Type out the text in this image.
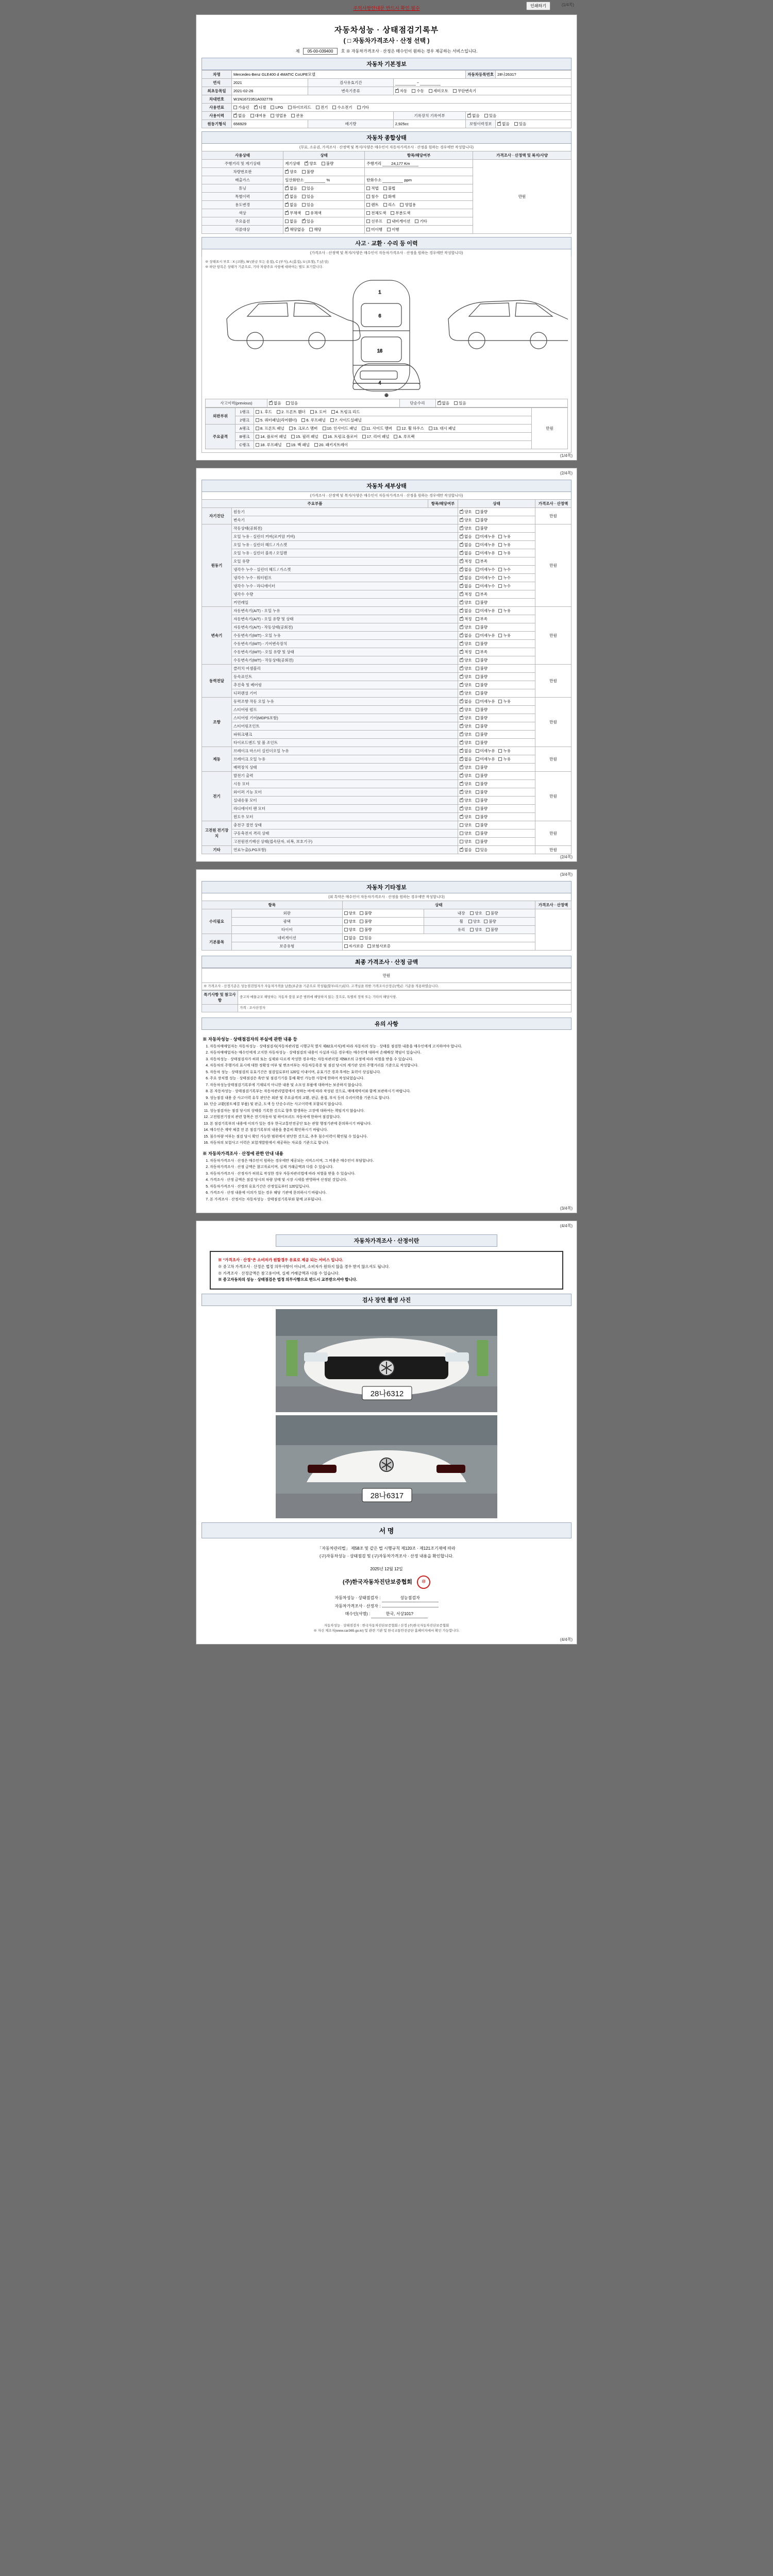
주의사항안내문 반드시 확인 필수	인쇄하기	(1/4쪽)
자동차성능 · 상태점검기록부
( □ 자동차가격조사 · 산정 선택 )
제 05-00-039400 호 ※ 자동차가격조사 · 산정은 매수인이 원하는 경우 제공하는 서비스입니다.
자동차 기본정보
차명	Mercedes-Benz GLE400 d 4MATIC CoUPE모델			자동차등록번호	28나2631?
연식	2021	검사유효기간	~		
최초등록일	2021-02-26	변속기종류	✓자동 수동 세미오토 무단변속기
차대번호	W1N1672351A032778				
사용연료	가솔린 ✓ 디젤 LPG 하이브리드 전기 수소전기 기타
사용이력	✓없음 대여용 영업용 관용		기록장치 기록여부	✓없음 있음
원동기형식	656929	배기량	2,925cc	보험이력정보	✓없음 있음
자동차 종합상태
(무료, 소유권, 가격조사 · 산정액 및 복지/사양은 매수인이 자동차가격조사 · 산정을 원하는 경우에만 작성합니다)
사용상태	상태	항목/해당여부	가격조사 · 산정액 및 복지/사양
주행거리 및 계기상태	계기상태 ✓ 양호 불량	주행거리 24,177 Km	만원

차량번호판	✓양호 불량	
배출가스	일산화탄소 %	탄화수소 ppm	
튜닝	✓없음 있음	적법 불법	
특별이력	✓없음 있음	침수 화재	
용도변경	✓없음 있음	렌트 리스 영업용	
색상	✓무채색 유채색	전체도색 부분도색	
주요옵션	없음 ✓ 있음	선루프 내비게이션 기타	
리콜대상	✓해당없음 해당	미이행 이행	
사고 · 교환 · 수리 등 이력
(가격조사 · 산정액 및 복지/사양은 매수인이 자동차가격조사 · 산정을 원하는 경우에만 작성합니다)
※ 상태표시 부호 : X (교환), W (판금 또는 용접), C (부식), A (흠집), U (요철), T (손상)
※ 하단 항목은 상태가 기준으로, 기타 차량주요 사항에 대하여는 별도 표기합니다.
1
6
16
4
④
사고이력(previous)	✓없음 있음	단순수리	✓없음 있음
외판부위	1랭크	1. 후드 2. 프론트 휀더 3. 도어 4. 트렁크 리드	만원
	2랭크	5. 쿼터패널(리어휀더) 6. 루프패널 7. 사이드실패널	
주요골격	A랭크	8. 프론트 패널 9. 크로스 멤버 10. 인사이드 패널 11. 사이드 멤버 12. 휠 하우스 13. 대시 패널	
	B랭크	14. 플로어 패널 15. 필러 패널 16. 트렁크 플로어 17. 리어 패널 A. 루프랙	
	C랭크	18. 루프패널 19. 백 패널 20. 패키지트레이	
(1/4쪽)
(2/4쪽)
자동차 세부상태
(가격조사 · 산정액 및 복지/사양은 매수인이 자동차가격조사 · 산정을 원하는 경우에만 작성합니다)
주요부품		항목/해당여부	상태	가격조사 · 산정액
자기진단	원동기	✓양호 불량	만원
	변속기	✓양호 불량
원동기	작동상태(공회전)	✓양호 불량	만원
	오일 누유 - 실린더 커버(로커암 커버)	✓없음 미세누유 누유
	오일 누유 - 실린더 헤드 / 가스켓	✓없음 미세누유 누유
	오일 누유 - 실린더 블록 / 오일팬	✓없음 미세누유 누유
	오일 유량	✓적정 부족
	냉각수 누수 - 실린더 헤드 / 가스켓	✓없음 미세누수 누수
	냉각수 누수 - 워터펌프	✓없음 미세누수 누수
	냉각수 누수 - 라디에이터	✓없음 미세누수 누수
	냉각수 수량	✓적정 부족
	커먼레일	✓양호 불량
변속기	자동변속기(A/T) - 오일 누유	✓없음 미세누유 누유	만원
	자동변속기(A/T) - 오일 유량 및 상태	✓적정 부족
	자동변속기(A/T) - 작동상태(공회전)	✓양호 불량
	수동변속기(M/T) - 오일 누유	✓없음 미세누유 누유
	수동변속기(M/T) - 기어변속장치	✓양호 불량
	수동변속기(M/T) - 오일 유량 및 상태	✓적정 부족
	수동변속기(M/T) - 작동상태(공회전)	✓양호 불량
동력전달	클러치 어셈블리	✓양호 불량	만원
	등속죠인트	✓양호 불량
	추진축 및 베어링	✓양호 불량
	디퍼렌셜 기어	✓양호 불량
조향	동력조향 작동 오일 누유	✓없음 미세누유 누유	만원
	스티어링 펌프	✓양호 불량
	스티어링 기어(MDPS포함)	✓양호 불량
	스티어링조인트	✓양호 불량
	파워크랭크	✓양호 불량
	타이로드엔드 및 볼 조인트	✓양호 불량
제동	브레이크 마스터 실린더오일 누유	✓없음 미세누유 누유	만원
	브레이크 오일 누유	✓없음 미세누유 누유
	배력장치 상태	✓양호 불량
전기	발전기 출력	✓양호 불량	만원
	시동 모터	✓양호 불량
	와이퍼 기능 모터	✓양호 불량
	실내송풍 모터	✓양호 불량
	라디에이터 팬 모터	✓양호 불량
	윈도우 모터	✓양호 불량
고전원 전기장치	충전구 절연 상태		양호 불량	만원
	구동축전지 격리 상태		양호 불량	
	고전원전기배선 상태(접속단자, 피복, 보호기구)		양호 불량	
기타	연료누출(LPG포함)	✓없음 있음	만원
(2/4쪽)
(3/4쪽)
자동차 기타정보
(외 특약은 매수인이 자동차가격조사 · 산정을 원하는 경우에만 작성합니다)
항목		상태		가격조사 · 산정액
수리필요	외판	양호 불량	내장 양호 불량	
	광택	양호 불량	휠 양호 불량	
	타이어	양호 불량	유리 양호 불량	
기본품목	네비게이션	없음 있음		
	보증유형	자가보증 보험사보증		
최종 가격조사 · 산정 금액
만원
※ 가격조사 · 산정기준은 성능점검업자가 자동차가격을 납품(표준을 기준으로 작성됨(할부/리스)된다. 고객님을 위한 가격조사산정금(액)은 기준을 적용하였습니다.
특기사항 및 참고사항	중고차 매물규모 해당하는 자동차 품질 보증 범위에 해당하지 않는 것으로, 특별히 장착 또는 기타의 해당사항.
	가격 · 조사산정자
유의 사항
※ 자동차성능 · 상태점검자의 부실에 관한 내용 등
1. 자동차매매업자는 자동차성능 · 상태점검자(자동차관리법 시행규칙 별지 제82호서식)에 따라 자동차의 성능 · 상태를 점검한 내용을 매수인에게 고지하여야 합니다.
2. 자동차매매업자는 매수인에게 고지한 자동차성능 · 상태점검의 내용이 사실과 다른 경우에는 매수인에 대하여 손해배상 책임이 있습니다.
3. 자동차성능 · 상태점검자가 허위 또는 실제와 다르게 작성한 경우에는 자동차관리법 제58조의 규정에 따라 처벌을 받을 수 있습니다.
4. 자동차의 주행거리 표시에 대한 정확성 여부 및 변조여부는 자동차등록증 및 점검 당시의 계기판 상의 주행거리를 기준으로 작성합니다.
5. 자동차 성능 · 상태점검의 유효기간은 점검일로부터 120일 이내이며, 유효기간 경과 후에는 효력이 상실됩니다.
6. 주요 장치별 성능 · 상태점검은 육안 및 점검기기를 통해 확인 가능한 사항에 한하여 작성되었습니다.
7. 자동차성능상태점검기록부에 기재되지 아니한 내용 및 소모성 부품에 대하여는 보증하지 않습니다.
8. 본 자동차성능 · 상태점검기록부는 자동차관리법령에서 정하는 바에 따라 작성된 것으로, 매매계약서와 함께 보관하시기 바랍니다.
9. 성능점검 내용 중 사고이력 유무 판단은 외판 및 주요골격의 교환, 판금, 용접, 부식 등의 수리이력을 기준으로 합니다.
10. 단순 교환(볼트체결 부품) 및 판금, 도색 등 단순수리는 사고이력에 포함되지 않습니다.
11. 성능점검자는 점검 당시의 상태를 기록한 것으로 향후 발생하는 고장에 대하여는 책임지지 않습니다.
12. 고전원전기장치 관련 항목은 전기자동차 및 하이브리드 자동차에 한하여 점검합니다.
13. 본 점검기록부의 내용에 이의가 있는 경우 한국교통안전공단 또는 관할 행정기관에 문의하시기 바랍니다.
14. 매수인은 계약 체결 전 본 점검기록부의 내용을 충분히 확인하시기 바랍니다.
15. 침수차량 여부는 점검 당시 확인 가능한 범위에서 판단한 것으로, 추후 침수이력이 확인될 수 있습니다.
16. 자동차의 보험사고 이력은 보험개발원에서 제공하는 자료를 기준으로 합니다.
※ 자동차가격조사 · 산정에 관한 안내 내용
1. 자동차가격조사 · 산정은 매수인이 원하는 경우에만 제공되는 서비스이며, 그 비용은 매수인이 부담합니다.
2. 자동차가격조사 · 산정 금액은 참고자료이며, 실제 거래금액과 다를 수 있습니다.
3. 자동차가격조사 · 산정자가 허위로 작성한 경우 자동차관리법에 따라 처벌을 받을 수 있습니다.
4. 가격조사 · 산정 금액은 점검 당시의 차량 상태 및 시장 시세를 반영하여 산정된 것입니다.
5. 자동차가격조사 · 산정의 유효기간은 산정일로부터 120일입니다.
6. 가격조사 · 산정 내용에 이의가 있는 경우 해당 기관에 문의하시기 바랍니다.
7. 본 가격조사 · 산정서는 자동차성능 · 상태점검기록부와 함께 교부됩니다.
(3/4쪽)
(4/4쪽)
자동차가격조사 · 산정이란
※ "가격조사 · 산정"은 소비자가 원할경우 유료로 제공 되는 서비스 입니다.
※ 중고차 가격조사 · 산정은 법정 의무사항이 아니며, 소비자가 원하지 않을 경우 받지 않으셔도 됩니다.
※ 가격조사 · 산정금액은 참고용이며, 실제 거래금액과 다를 수 있습니다.
※ 중고자동차의 성능 · 상태점검은 법정 의무사항으로 반드시 교부받으셔야 합니다.
검사 장면 촬영 사진
28나6312
28나6317
서 명
「자동차관리법」 제58조 및 같은 법 시행규칙 제120조 · 제121조기재에 따라
(구)자동차성능 · 상태점검 및 (구)자동차가격조사 · 산정 내용을 확인합니다.
2025년 12월 12일
(주)한국자동차진단보증협회	印
자동차성능 · 상태점검자 :	성능점검자
자동차가격조사 · 산정자 :
매수인(서명) :	한국, 서상101?
자동차성능 · 상태점검자 : 한국자동차진단보증협회 / 산정 (주)한국자동차진단보증협회
※ 자신 제조지(www.car365.go.kr) 및 관련 기관 및 한국교통안전공단 홈페이지에서 확인 가능합니다.
(4/4쪽)
